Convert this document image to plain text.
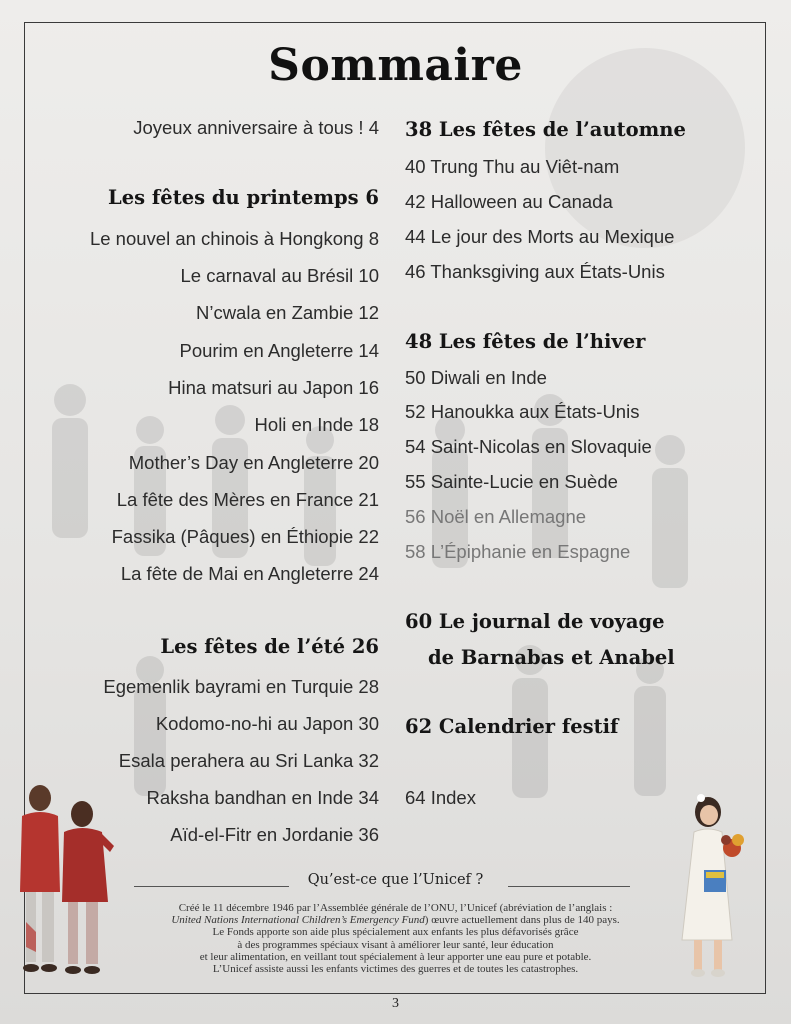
Sommaire
Joyeux anniversaire à tous ! 4
Les fêtes du printemps 6
Le nouvel an chinois à Hongkong 8
Le carnaval au Brésil 10
N’cwala en Zambie 12
Pourim en Angleterre 14
Hina matsuri au Japon 16
Holi en Inde 18
Mother’s Day en Angleterre 20
La fête des Mères en France 21
Fassika (Pâques) en Éthiopie 22
La fête de Mai en Angleterre 24
Les fêtes de l’été 26
Egemenlik bayrami en Turquie 28
Kodomo-no-hi au Japon 30
Esala perahera au Sri Lanka 32
Raksha bandhan en Inde 34
Aïd-el-Fitr en Jordanie 36
38 Les fêtes de l’automne
40 Trung Thu au Viêt-nam
42 Halloween au Canada
44 Le jour des Morts au Mexique
46 Thanksgiving aux États-Unis
48 Les fêtes de l’hiver
50 Diwali en Inde
52 Hanoukka aux États-Unis
54 Saint-Nicolas en Slovaquie
55 Sainte-Lucie en Suède
56 Noël en Allemagne
58 L’Épiphanie en Espagne
60 Le journal de voyage
de Barnabas et Anabel
62 Calendrier festif
64 Index
Qu’est-ce que l’Unicef ?
Créé le 11 décembre 1946 par l’Assemblée générale de l’ONU, l’Unicef (abréviation de l’anglais :
United Nations International Children’s Emergency Fund) œuvre actuellement dans plus de 140 pays.
Le Fonds apporte son aide plus spécialement aux enfants les plus défavorisés grâce
à des programmes spéciaux visant à améliorer leur santé, leur éducation
et leur alimentation, en veillant tout spécialement à leur apporter une eau pure et potable.
L’Unicef assiste aussi les enfants victimes des guerres et de toutes les catastrophes.
3
